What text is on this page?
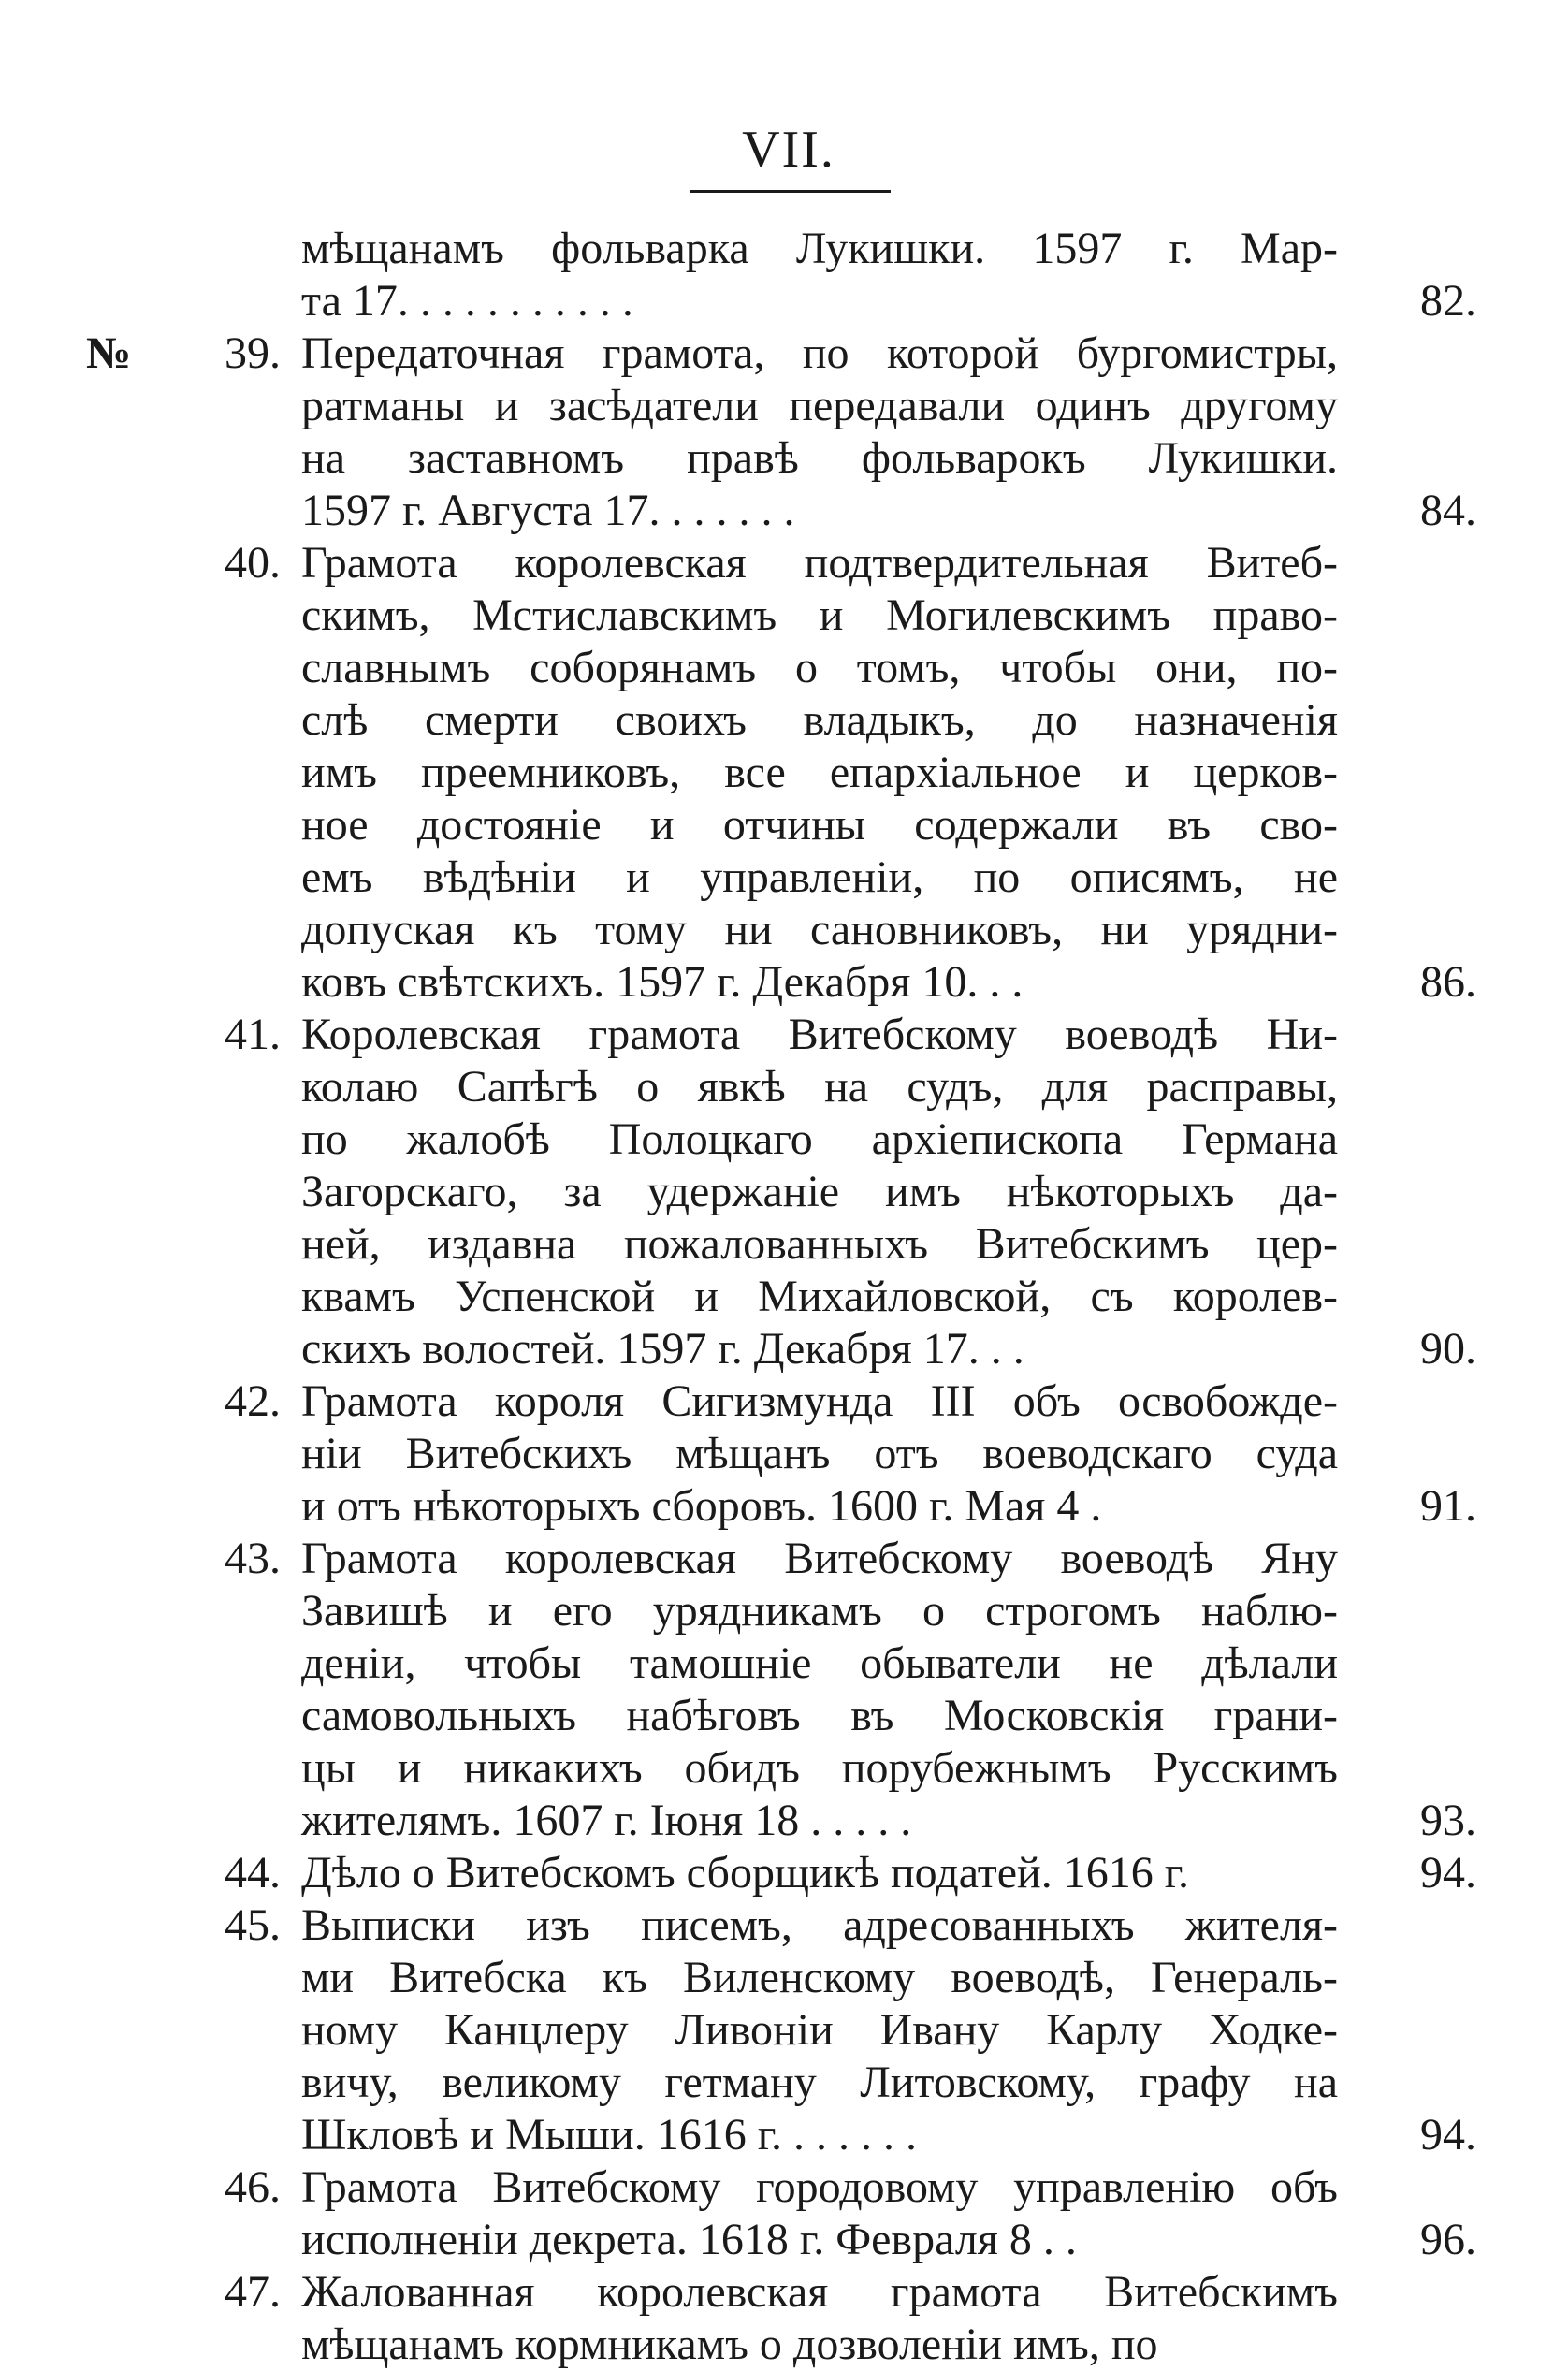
VII.
мѣщанамъ фольварка Лукишки. 1597 г. Мар-
та 17. . . . . . . . . . .	82.
№	39. Передаточная грамота, по которой бургомистры,
ратманы и засѣдатели передавали одинъ другому
на заставномъ правѣ фольварокъ Лукишки.
1597 г. Августа 17. . . . . . .	84.
40. Грамота королевская подтвердительная Витеб-
скимъ, Мстиславскимъ и Могилевскимъ право-
славнымъ соборянамъ о томъ, чтобы они, по-
слѣ смерти своихъ владыкъ, до назначенія
имъ преемниковъ, все епархіальное и церков-
ное достояніе и отчины содержали въ сво-
емъ вѣдѣніи и управленіи, по описямъ, не
допуская къ тому ни сановниковъ, ни урядни-
ковъ свѣтскихъ. 1597 г. Декабря 10. . .	86.
41. Королевская грамота Витебскому воеводѣ Ни-
колаю Сапѣгѣ о явкѣ на судъ, для расправы,
по жалобѣ Полоцкаго архіепископа Германа
Загорскаго, за удержаніе имъ нѣкоторыхъ да-
ней, издавна пожалованныхъ Витебскимъ цер-
квамъ Успенской и Михайловской, съ королев-
скихъ волостей. 1597 г. Декабря 17. . .	90.
42. Грамота короля Сигизмунда III объ освобожде-
ніи Витебскихъ мѣщанъ отъ воеводскаго суда
и отъ нѣкоторыхъ сборовъ. 1600 г. Мая 4 .	91.
43. Грамота королевская Витебскому воеводѣ Яну
Завишѣ и его урядникамъ о строгомъ наблю-
деніи, чтобы тамошніе обыватели не дѣлали
самовольныхъ набѣговъ въ Московскія грани-
цы и никакихъ обидъ порубежнымъ Русскимъ
жителямъ. 1607 г. Іюня 18 . . . . .	93.
44. Дѣло о Витебскомъ сборщикѣ податей. 1616 г.	94.
45. Выписки изъ писемъ, адресованныхъ жителя-
ми Витебска къ Виленскому воеводѣ, Генераль-
ному Канцлеру Ливоніи Ивану Карлу Ходке-
вичу, великому гетману Литовскому, графу на
Шкловѣ и Мыши. 1616 г. . . . . . .	94.
46. Грамота Витебскому городовому управленію объ
исполненіи декрета. 1618 г. Февраля 8 . .	96.
47. Жалованная королевская грамота Витебскимъ
мѣщанамъ кормникамъ о дозволеніи имъ, по
